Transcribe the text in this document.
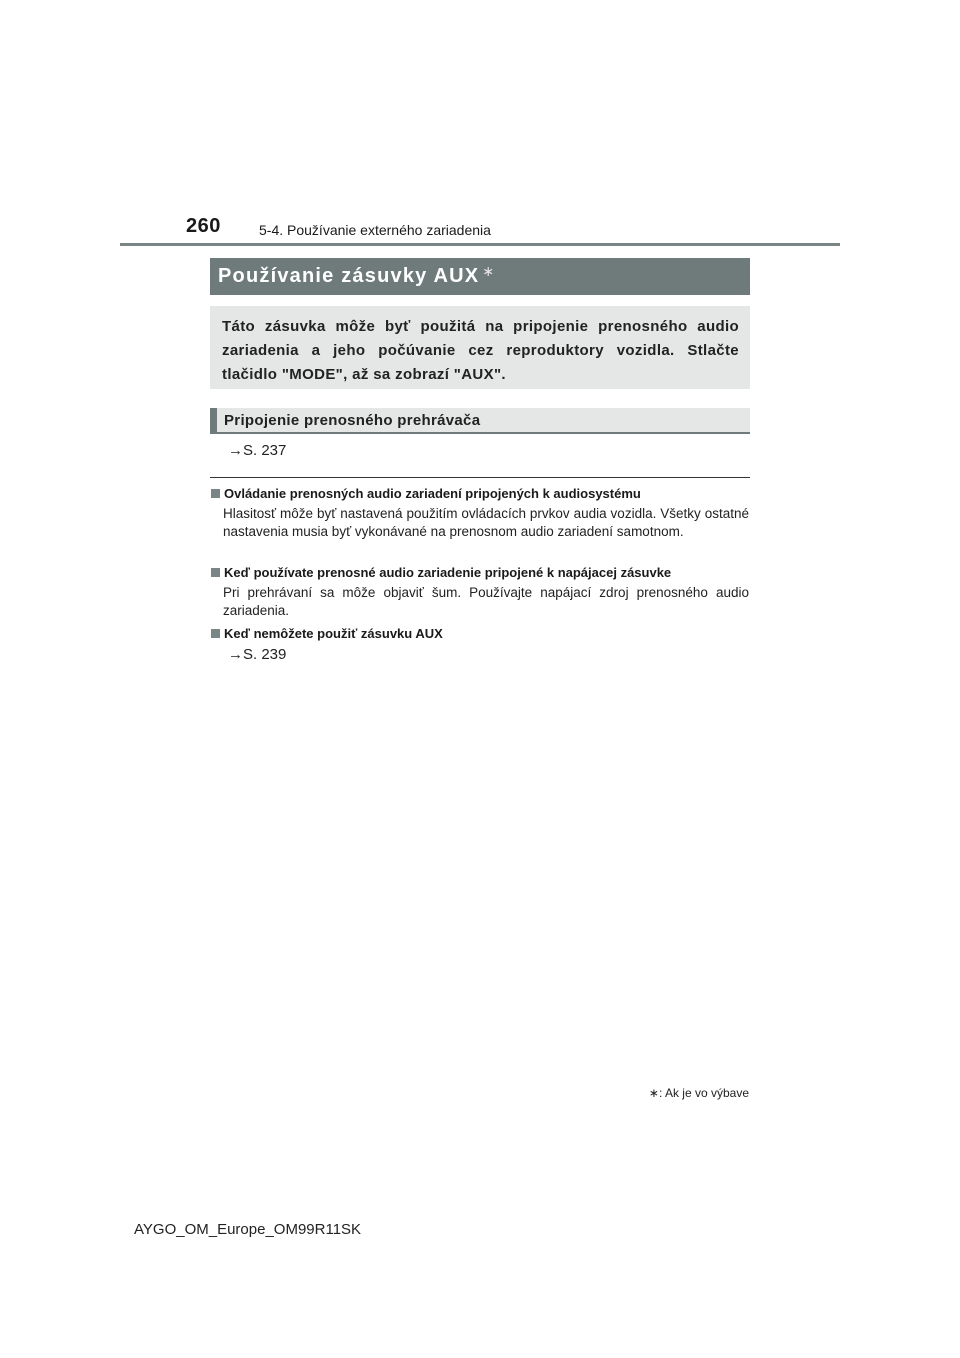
260	5-4. Používanie externého zariadenia
Používanie zásuvky AUX ∗

Táto zásuvka môže byť použitá na pripojenie prenosného audio zariadenia a jeho počúvanie cez reproduktory vozidla. Stlačte tlačidlo "MODE", až sa zobrazí "AUX".

Pripojenie prenosného prehrávača
→S. 237
Ovládanie prenosných audio zariadení pripojených k audiosystému

Hlasitosť môže byť nastavená použitím ovládacích prvkov audia vozidla. Všetky ostatné nastavenia musia byť vykonávané na prenosnom audio zariadení samotnom.

Keď používate prenosné audio zariadenie pripojené k napájacej zásuvke

Pri prehrávaní sa môže objaviť šum. Používajte napájací zdroj prenosného audio zariadenia.

Keď nemôžete použiť zásuvku AUX
→S. 239
∗: Ak je vo výbave
AYGO_OM_Europe_OM99R11SK
